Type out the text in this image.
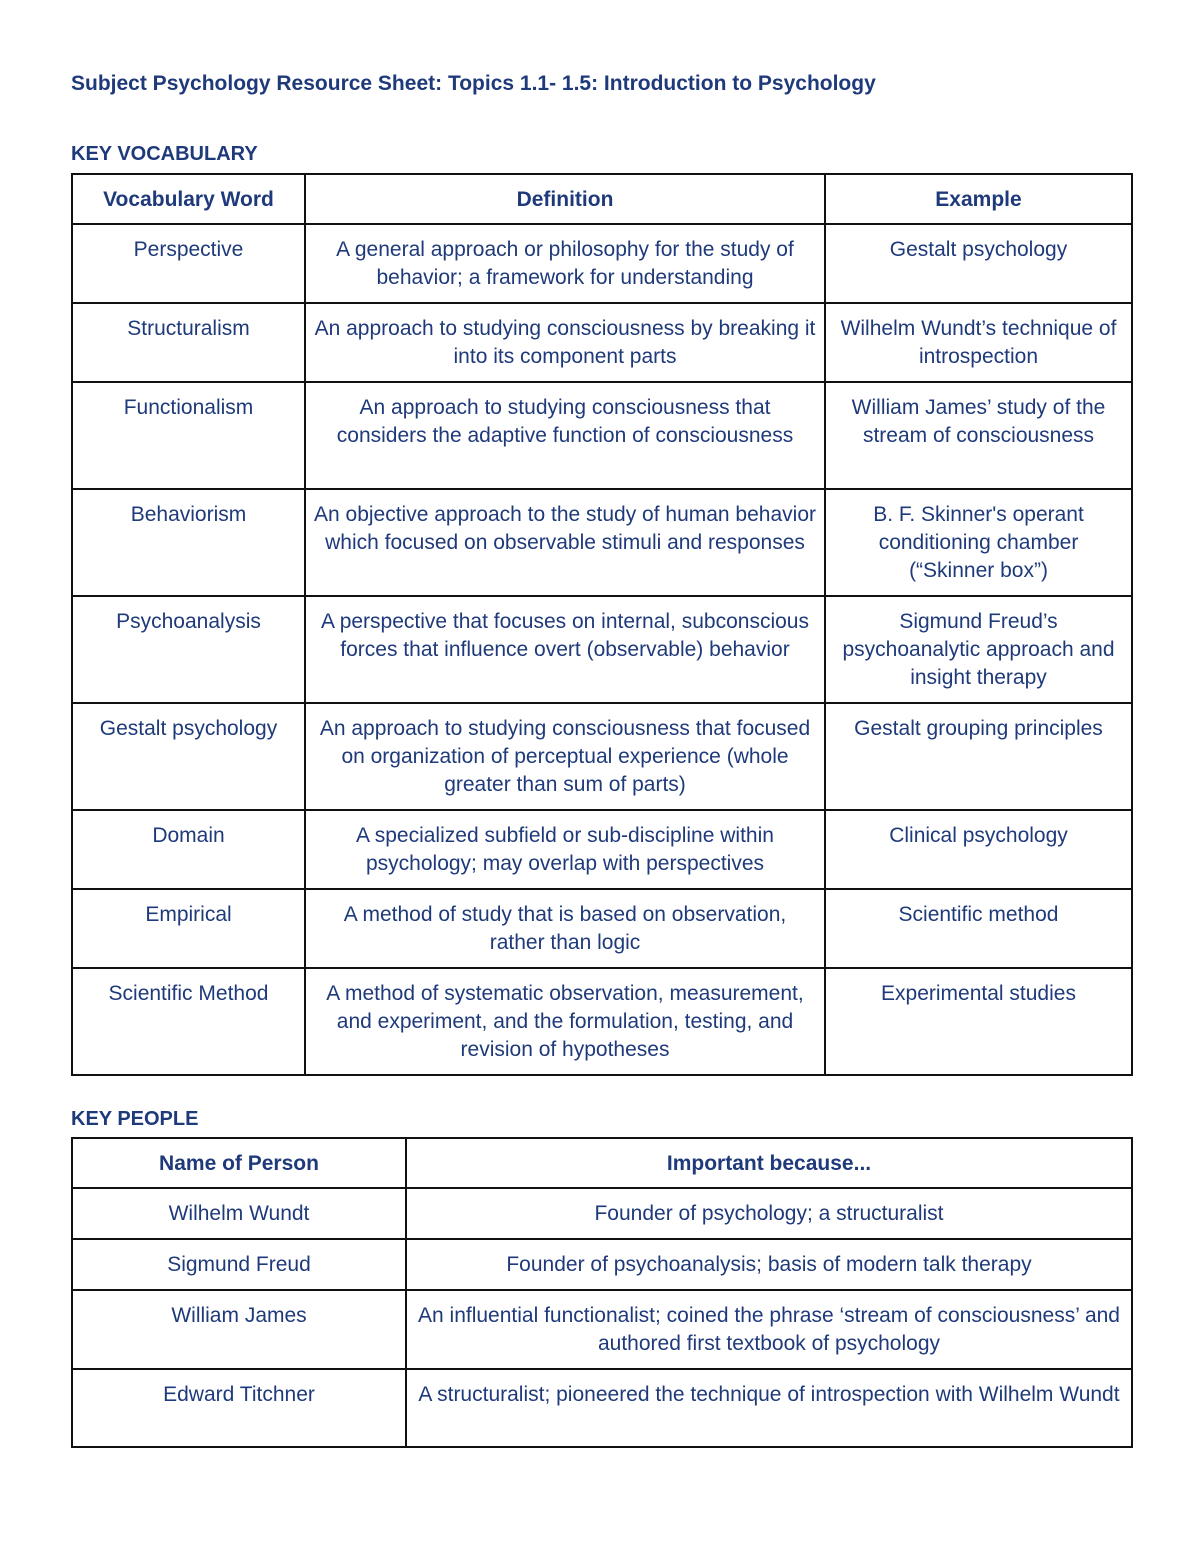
Subject Psychology Resource Sheet: Topics 1.1- 1.5: Introduction to Psychology
KEY VOCABULARY
Vocabulary Word	Definition	Example
Perspective	A general approach or philosophy for the study of behavior; a framework for understanding	Gestalt psychology
Structuralism	An approach to studying consciousness by breaking it into its component parts	Wilhelm Wundt’s technique of introspection
Functionalism	An approach to studying consciousness that considers the adaptive function of consciousness	William James’ study of the stream of consciousness
Behaviorism	An objective approach to the study of human behavior which focused on observable stimuli and responses	B. F. Skinner's operant conditioning chamber (“Skinner box”)
Psychoanalysis	A perspective that focuses on internal, subconscious forces that influence overt (observable) behavior	Sigmund Freud’s psychoanalytic approach and insight therapy
Gestalt psychology	An approach to studying consciousness that focused on organization of perceptual experience (whole greater than sum of parts)	Gestalt grouping principles
Domain	A specialized subfield or sub-discipline within psychology; may overlap with perspectives	Clinical psychology
Empirical	A method of study that is based on observation, rather than logic	Scientific method
Scientific Method	A method of systematic observation, measurement, and experiment, and the formulation, testing, and revision of hypotheses	Experimental studies
KEY PEOPLE
Name of Person	Important because...
Wilhelm Wundt	Founder of psychology; a structuralist
Sigmund Freud	Founder of psychoanalysis; basis of modern talk therapy
William James	An influential functionalist; coined the phrase ‘stream of consciousness’ and authored first textbook of psychology
Edward Titchner	A structuralist; pioneered the technique of introspection with Wilhelm Wundt
